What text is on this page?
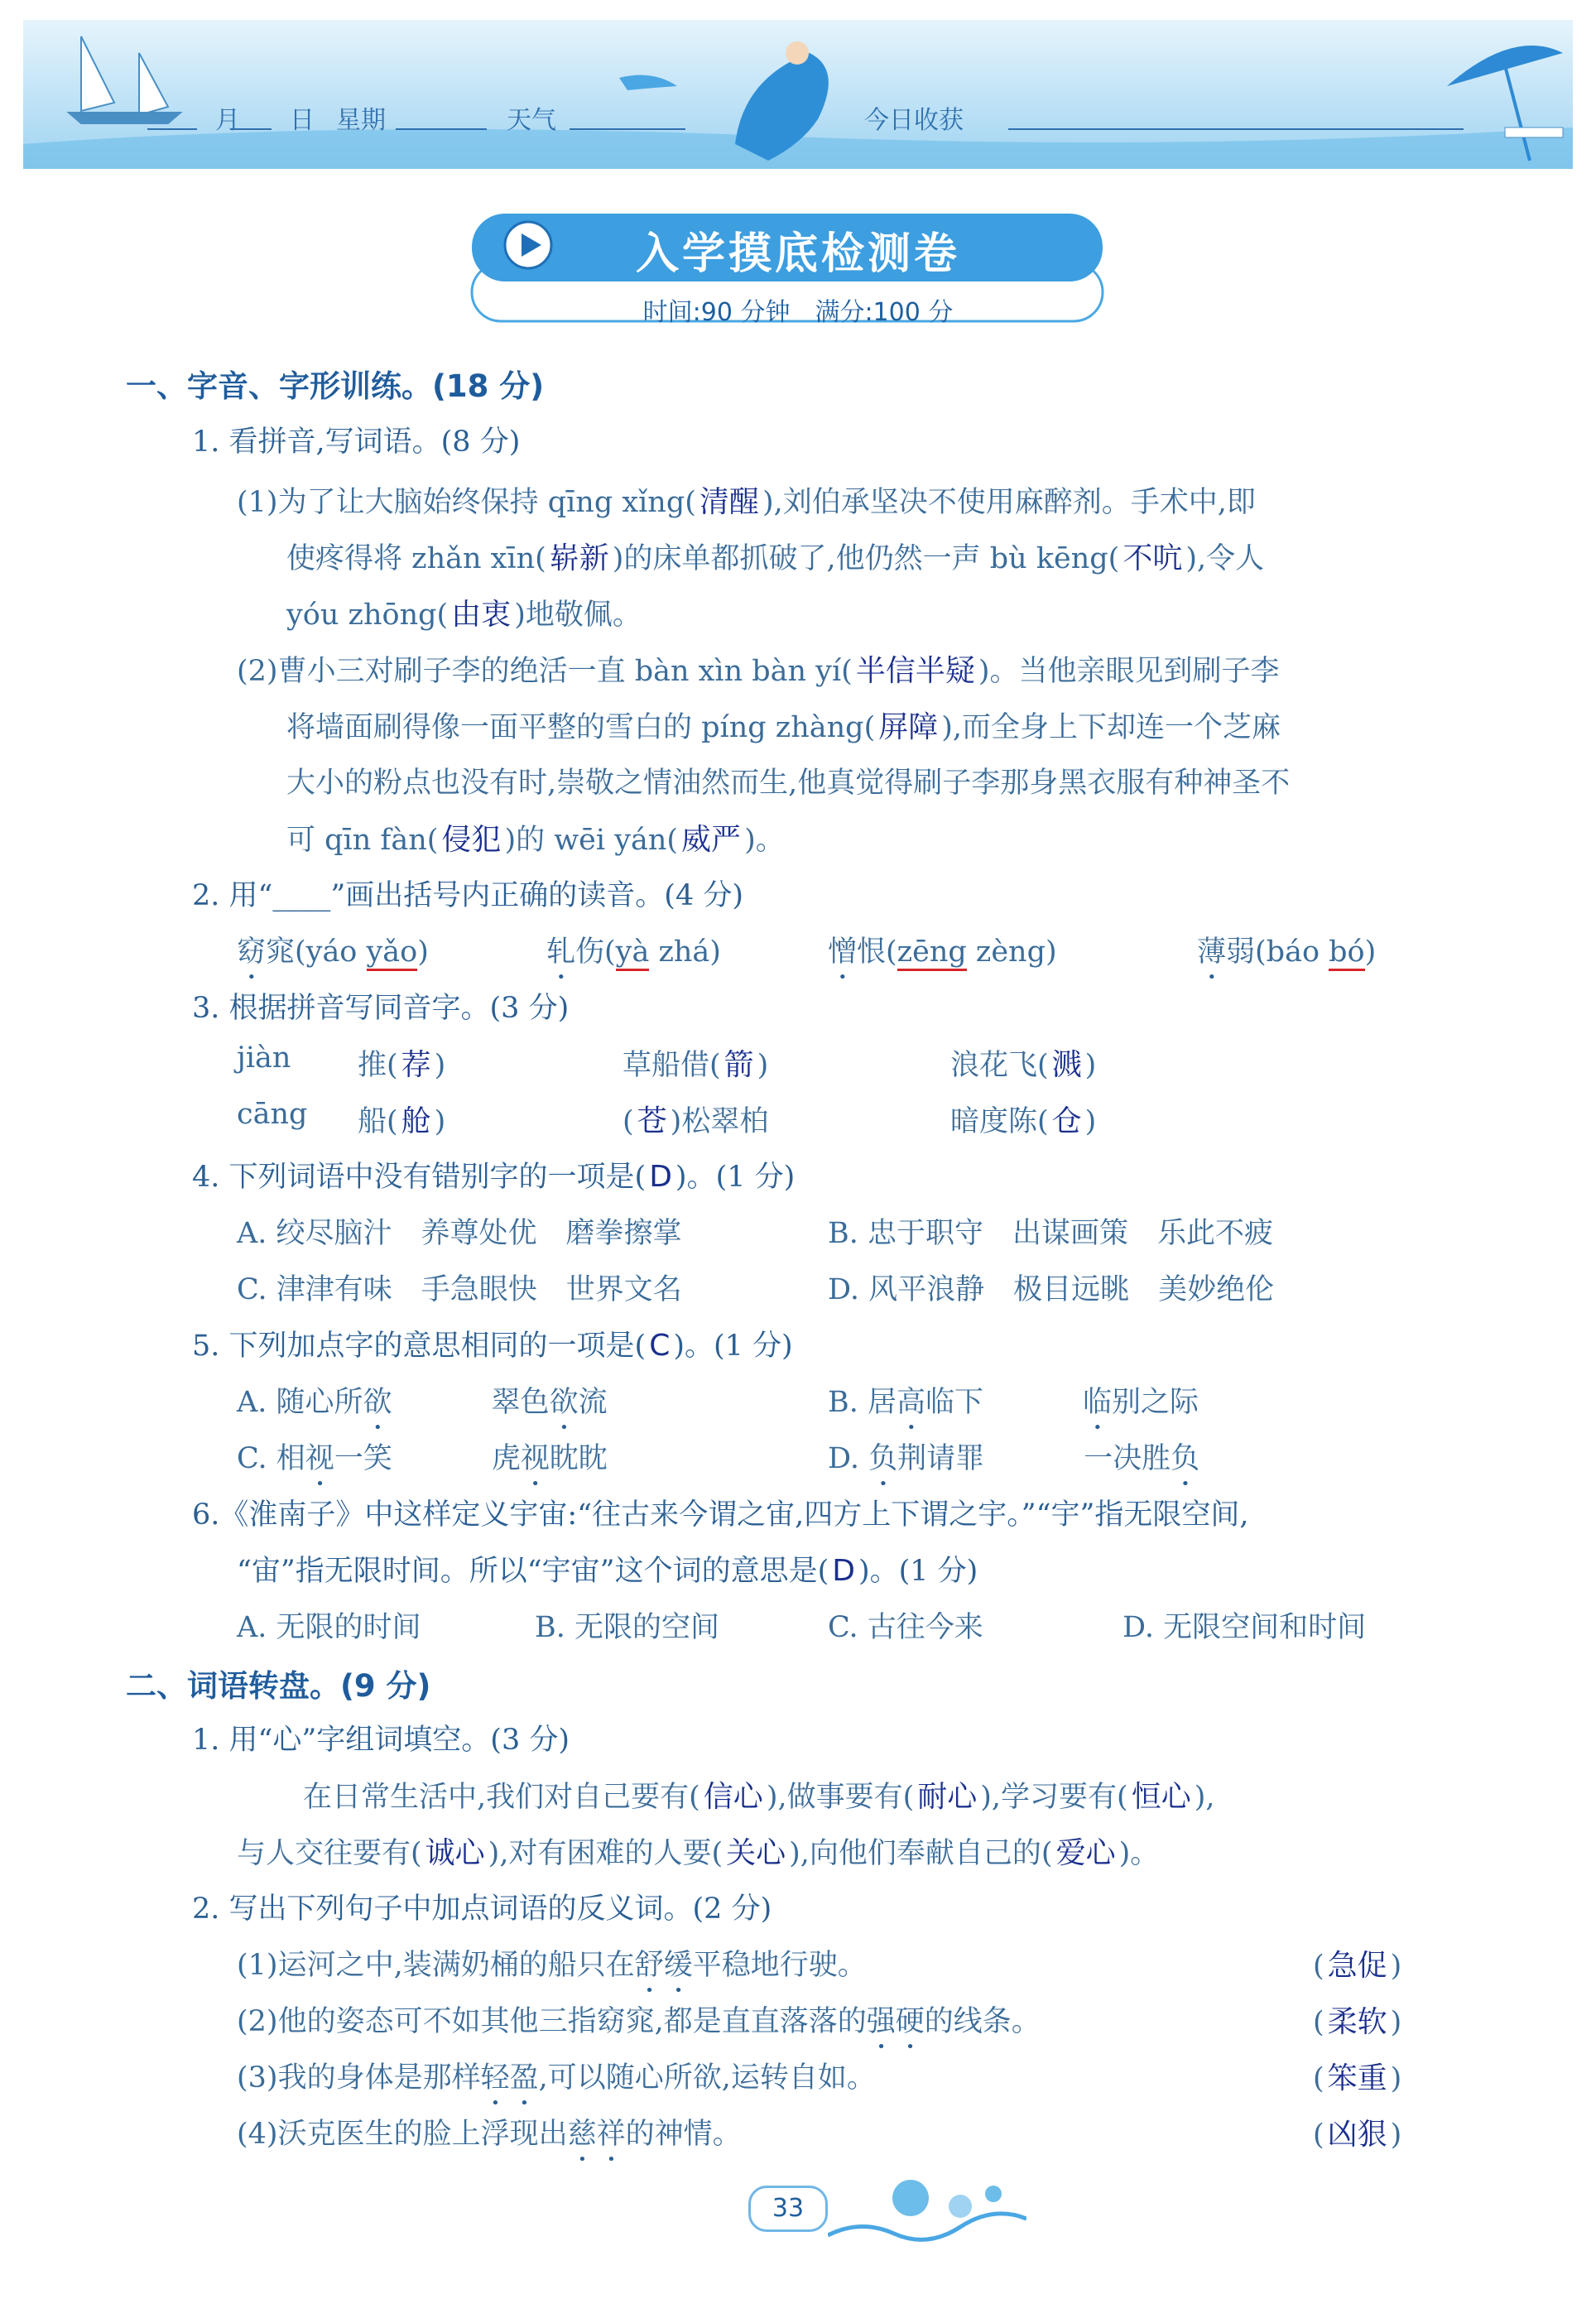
月 日 星期	天气	今日收获
入学摸底检测卷
时间:90 分钟　满分:100 分
一、字音、字形训练。(18 分)
1. 看拼音,写词语。(8 分)
(1)为了让大脑始终保持 qīng xǐng( 清醒 ),刘伯承坚决不使用麻醉剂。手术中,即
使疼得将 zhǎn xīn( 崭新 )的床单都抓破了,他仍然一声 bù kēng( 不吭 ),令人
yóu zhōng( 由衷 )地敬佩。
(2)曹小三对刷子李的绝活一直 bàn xìn bàn yí( 半信半疑 )。当他亲眼见到刷子李
将墙面刷得像一面平整的雪白的 píng zhàng( 屏障 ),而全身上下却连一个芝麻
大小的粉点也没有时,崇敬之情油然而生,他真觉得刷子李那身黑衣服有种神圣不
可 qīn fàn( 侵犯 )的 wēi yán( 威严 )。
2. 用“____”画出括号内正确的读音。(4 分)
窈窕(yáo yǎo)	轧伤(yà zhá)	憎恨(zēng zèng)	薄弱(báo bó)
3. 根据拼音写同音字。(3 分)
jiàn 推( 荐 )	草船借( 箭 )	浪花飞( 溅 )
cāng 船( 舱 )	( 苍 )松翠柏	暗度陈( 仓 )
4. 下列词语中没有错别字的一项是( D )。(1 分)
A. 绞尽脑汁　养尊处优　磨拳擦掌	B. 忠于职守　出谋画策　乐此不疲
C. 津津有味　手急眼快　世界文名	D. 风平浪静　极目远眺　美妙绝伦
5. 下列加点字的意思相同的一项是( C )。(1 分)
A. 随心所欲	翠色欲流	B. 居高临下	临别之际
C. 相视一笑	虎视眈眈	D. 负荆请罪	一决胜负
6.《淮南子》中这样定义宇宙:“往古来今谓之宙,四方上下谓之宇。”“宇”指无限空间,
“宙”指无限时间。所以“宇宙”这个词的意思是( D )。(1 分)
A. 无限的时间	B. 无限的空间	C. 古往今来	D. 无限空间和时间
二、词语转盘。(9 分)
1. 用“心”字组词填空。(3 分)
在日常生活中,我们对自己要有( 信心 ),做事要有( 耐心 ),学习要有( 恒心 ),
与人交往要有( 诚心 ),对有困难的人要( 关心 ),向他们奉献自己的( 爱心 )。
2. 写出下列句子中加点词语的反义词。(2 分)
(1)运河之中,装满奶桶的船只在舒缓平稳地行驶。	( 急促 )
(2)他的姿态可不如其他三指窈窕,都是直直落落的强硬的线条。	( 柔软 )
(3)我的身体是那样轻盈,可以随心所欲,运转自如。	( 笨重 )
(4)沃克医生的脸上浮现出慈祥的神情。	( 凶狠 )
33
